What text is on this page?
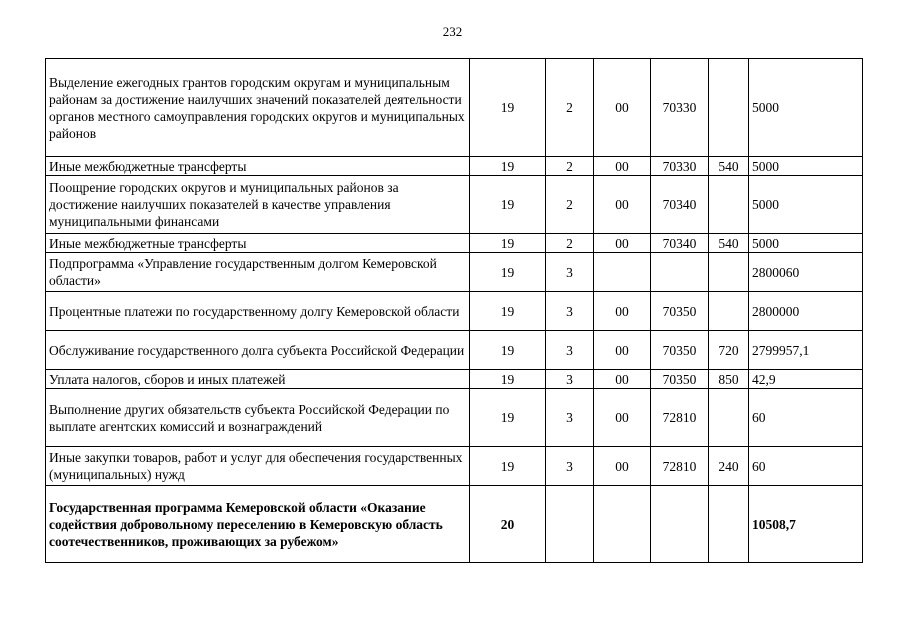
232
Выделение ежегодных грантов городским округам и муниципальным районам за достижение наилучших значений показателей деятельности органов местного самоуправления городских округов и муниципальных районов	19	2	00	70330		5000
Иные межбюджетные трансферты	19	2	00	70330	540	5000
Поощрение городских округов и муниципальных районов за достижение наилучших показателей в качестве управления муниципальными финансами	19	2	00	70340		5000
Иные межбюджетные трансферты	19	2	00	70340	540	5000
Подпрограмма «Управление государственным долгом Кемеровской области»	19	3				2800060
Процентные платежи по государственному долгу Кемеровской области	19	3	00	70350		2800000
Обслуживание государственного долга субъекта Российской Федерации	19	3	00	70350	720	2799957,1
Уплата налогов, сборов и иных платежей	19	3	00	70350	850	42,9
Выполнение других обязательств субъекта Российской Федерации по выплате агентских комиссий и вознаграждений	19	3	00	72810		60
Иные закупки товаров, работ и услуг для обеспечения государственных (муниципальных) нужд	19	3	00	72810	240	60
Государственная программа Кемеровской области «Оказание содействия добровольному переселению в Кемеровскую область соотечественников, проживающих за рубежом»	20					10508,7
